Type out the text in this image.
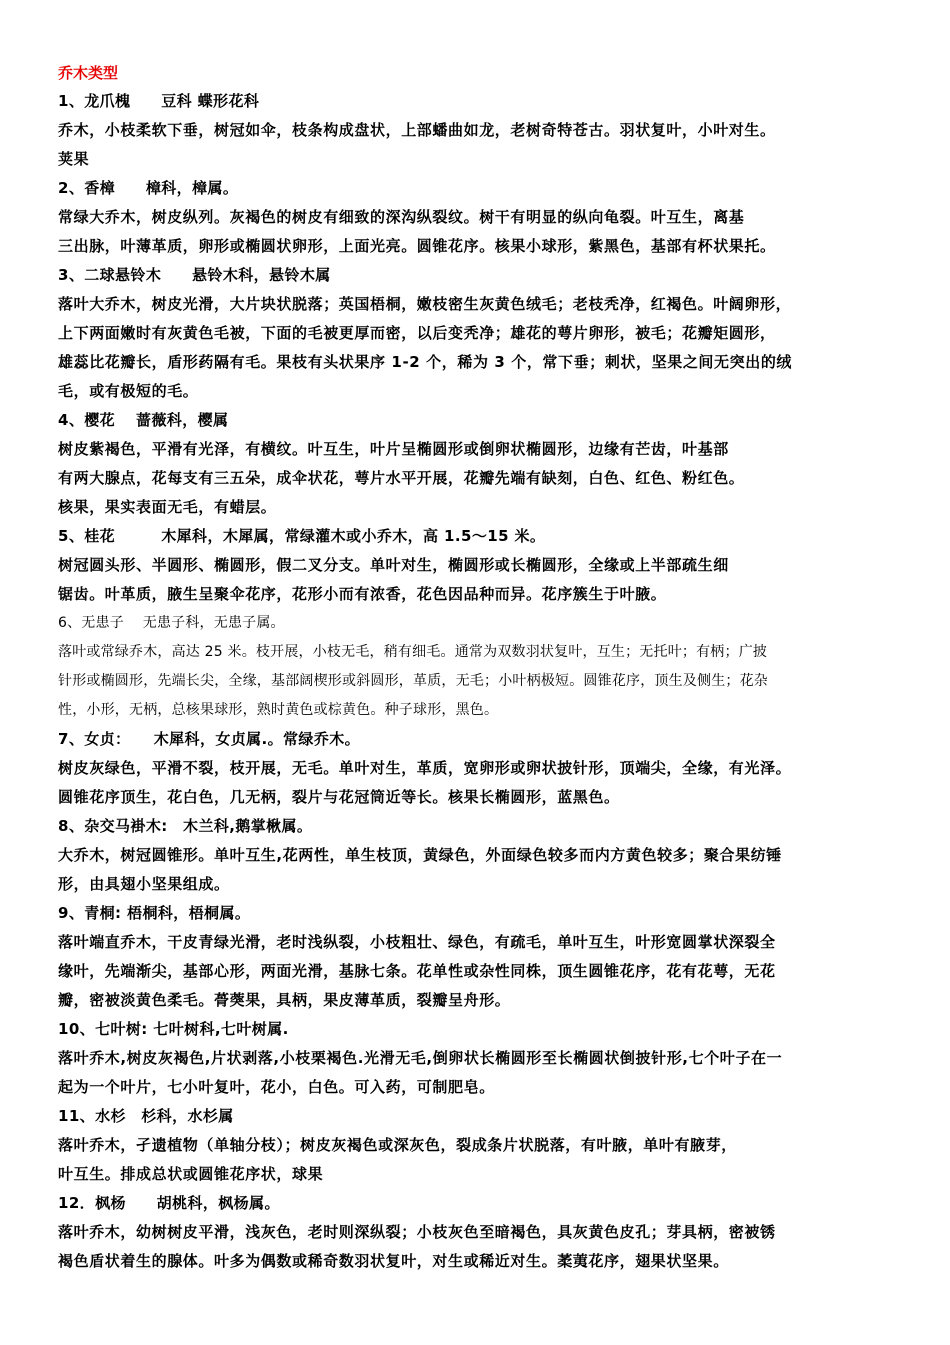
乔木类型
1、龙爪槐　　豆科 蝶形花科
乔木，小枝柔软下垂，树冠如伞，枝条构成盘状，上部蟠曲如龙，老树奇特苍古。羽状复叶，小叶对生。
荚果
2、香樟　　樟科，樟属。
常绿大乔木，树皮纵列。灰褐色的树皮有细致的深沟纵裂纹。树干有明显的纵向龟裂。叶互生，离基
三出脉，叶薄革质，卵形或椭圆状卵形，上面光亮。圆锥花序。核果小球形，紫黑色，基部有杯状果托。
3、二球悬铃木　　悬铃木科，悬铃木属
落叶大乔木，树皮光滑，大片块状脱落；英国梧桐，嫩枝密生灰黄色绒毛；老枝秃净，红褐色。叶阔卵形，
上下两面嫩时有灰黄色毛被，下面的毛被更厚而密，以后变秃净；雄花的萼片卵形，被毛；花瓣矩圆形，
雄蕊比花瓣长，盾形药隔有毛。果枝有头状果序 1-2 个，稀为 3 个，常下垂；刺状，坚果之间无突出的绒
毛，或有极短的毛。
4、樱花　 蔷薇科，樱属
树皮紫褐色，平滑有光泽，有横纹。叶互生，叶片呈椭圆形或倒卵状椭圆形，边缘有芒齿，叶基部
有两大腺点，花每支有三五朵，成伞状花，萼片水平开展，花瓣先端有缺刻，白色、红色、粉红色。
核果，果实表面无毛，有蜡层。
5、桂花　　　木犀科，木犀属，常绿灌木或小乔木，高 1.5～15 米。
树冠圆头形、半圆形、椭圆形，假二叉分支。单叶对生，椭圆形或长椭圆形，全缘或上半部疏生细
锯齿。叶革质，腋生呈聚伞花序，花形小而有浓香，花色因品种而异。花序簇生于叶腋。
6、无患子　 无患子科，无患子属。
落叶或常绿乔木，高达 25 米。枝开展，小枝无毛，稍有细毛。通常为双数羽状复叶，互生；无托叶；有柄；广披
针形或椭圆形，先端长尖，全缘，基部阔楔形或斜圆形，革质，无毛；小叶柄极短。圆锥花序，顶生及侧生；花杂
性，小形，无柄，总核果球形，熟时黄色或棕黄色。种子球形，黑色。
7、女贞：　　木犀科，女贞属.。常绿乔木。
树皮灰绿色，平滑不裂，枝开展，无毛。单叶对生，革质，宽卵形或卵状披针形，顶端尖，全缘，有光泽。
圆锥花序顶生，花白色，几无柄，裂片与花冠筒近等长。核果长椭圆形，蓝黑色。
8、杂交马褂木:　木兰科,鹅掌楸属。
大乔木，树冠圆锥形。单叶互生,花两性，单生枝顶，黄绿色，外面绿色较多而内方黄色较多；聚合果纺锤
形，由具翅小坚果组成。
9、青桐: 梧桐科，梧桐属。
落叶端直乔木，干皮青绿光滑，老时浅纵裂，小枝粗壮、绿色，有疏毛，单叶互生，叶形宽圆掌状深裂全
缘叶，先端渐尖，基部心形，两面光滑，基脉七条。花单性或杂性同株，顶生圆锥花序，花有花萼，无花
瓣，密被淡黄色柔毛。蓇葖果，具柄，果皮薄革质，裂瓣呈舟形。
10、七叶树: 七叶树科,七叶树属.
落叶乔木,树皮灰褐色,片状剥落,小枝栗褐色.光滑无毛,倒卵状长椭圆形至长椭圆状倒披针形,七个叶子在一
起为一个叶片，七小叶复叶，花小，白色。可入药，可制肥皂。
11、水杉　杉科，水杉属
落叶乔木，孑遗植物（单轴分枝）；树皮灰褐色或深灰色，裂成条片状脱落，有叶腋，单叶有腋芽，
叶互生。排成总状或圆锥花序状，球果
12．枫杨　　胡桃科，枫杨属。
落叶乔木，幼树树皮平滑，浅灰色，老时则深纵裂；小枝灰色至暗褐色，具灰黄色皮孔；芽具柄，密被锈
褐色盾状着生的腺体。叶多为偶数或稀奇数羽状复叶，对生或稀近对生。葇荑花序，翅果状坚果。
